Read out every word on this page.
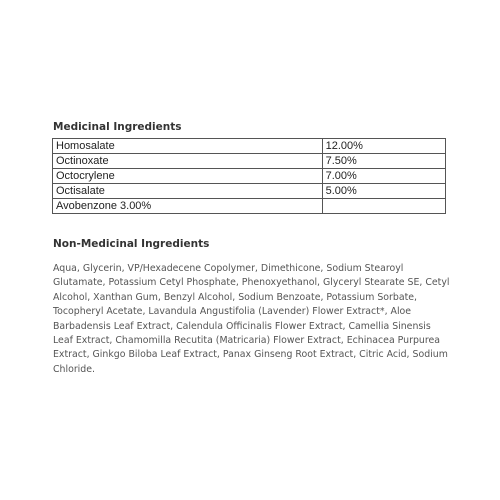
Medicinal Ingredients
Homosalate	12.00%
Octinoxate	7.50%
Octocrylene	7.00%
Octisalate	5.00%
Avobenzone 3.00%	
Non-Medicinal Ingredients

Aqua, Glycerin, VP/Hexadecene Copolymer, Dimethicone, Sodium Stearoyl Glutamate, Potassium Cetyl Phosphate, Phenoxyethanol, Glyceryl Stearate SE, Cetyl Alcohol, Xanthan Gum, Benzyl Alcohol, Sodium Benzoate, Potassium Sorbate, Tocopheryl Acetate, Lavandula Angustifolia (Lavender) Flower Extract*, Aloe Barbadensis Leaf Extract, Calendula Officinalis Flower Extract, Camellia Sinensis Leaf Extract, Chamomilla Recutita (Matricaria) Flower Extract, Echinacea Purpurea Extract, Ginkgo Biloba Leaf Extract, Panax Ginseng Root Extract, Citric Acid, Sodium Chloride.
